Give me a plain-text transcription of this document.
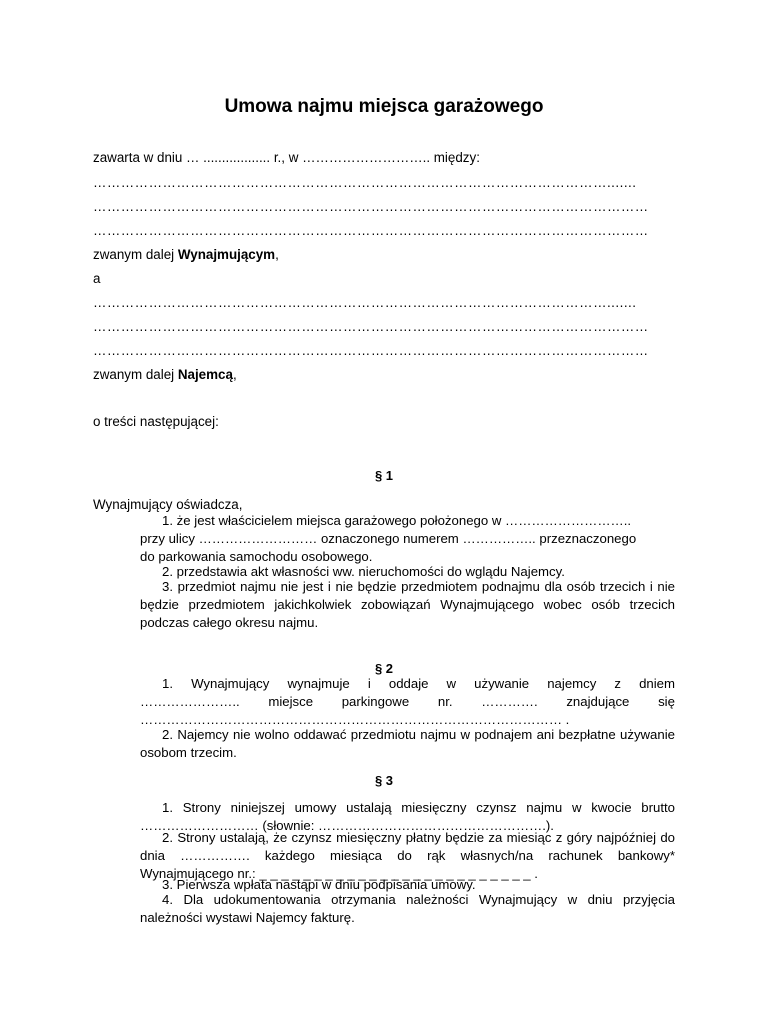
Umowa najmu miejsca garażowego
zawarta w dniu … .................. r., w ……………………….. między:
………………………………………………………………………………………………….......
…………………………………………………………………………………………………………
…………………………………………………………………………………………………………
zwanym dalej Wynajmującym,
a
………………………………………………………………………………………………….......
…………………………………………………………………………………………………………
…………………………………………………………………………………………………………
zwanym dalej Najemcą,
o treści następującej:
§ 1
Wynajmujący oświadcza,
1. że jest właścicielem miejsca garażowego położonego w ………………………..
przy ulicy ……………………… oznaczonego numerem …………….. przeznaczonego
do parkowania samochodu osobowego.
2. przedstawia akt własności ww. nieruchomości do wglądu Najemcy.
3. przedmiot najmu nie jest i nie będzie przedmiotem podnajmu dla osób trzecich i nie będzie przedmiotem jakichkolwiek zobowiązań Wynajmującego wobec osób trzecich podczas całego okresu najmu.
§ 2
1. Wynajmujący wynajmuje i oddaje w używanie najemcy z dniem
………………….. miejsce parkingowe nr. …………. znajdujące się
…………………………………………………………………………………… .
2. Najemcy nie wolno oddawać przedmiotu najmu w podnajem ani bezpłatne używanie osobom trzecim.
§ 3
1. Strony niniejszej umowy ustalają miesięczny czynsz najmu w kwocie brutto ……………………… (słownie: …………………………………………….).
2. Strony ustalają, że czynsz miesięczny płatny będzie za miesiąc z góry najpóźniej do dnia ……………. każdego miesiąca do rąk własnych/na rachunek bankowy* Wynajmującego nr.: _ _ _ _ _ _ _ _ _ _ _ _ _ _ _ _ _ _ _ _ _ _ _ _ _ .
3. Pierwsza wpłata nastąpi w dniu podpisania umowy.
4. Dla udokumentowania otrzymania należności Wynajmujący w dniu przyjęcia należności wystawi Najemcy fakturę.
